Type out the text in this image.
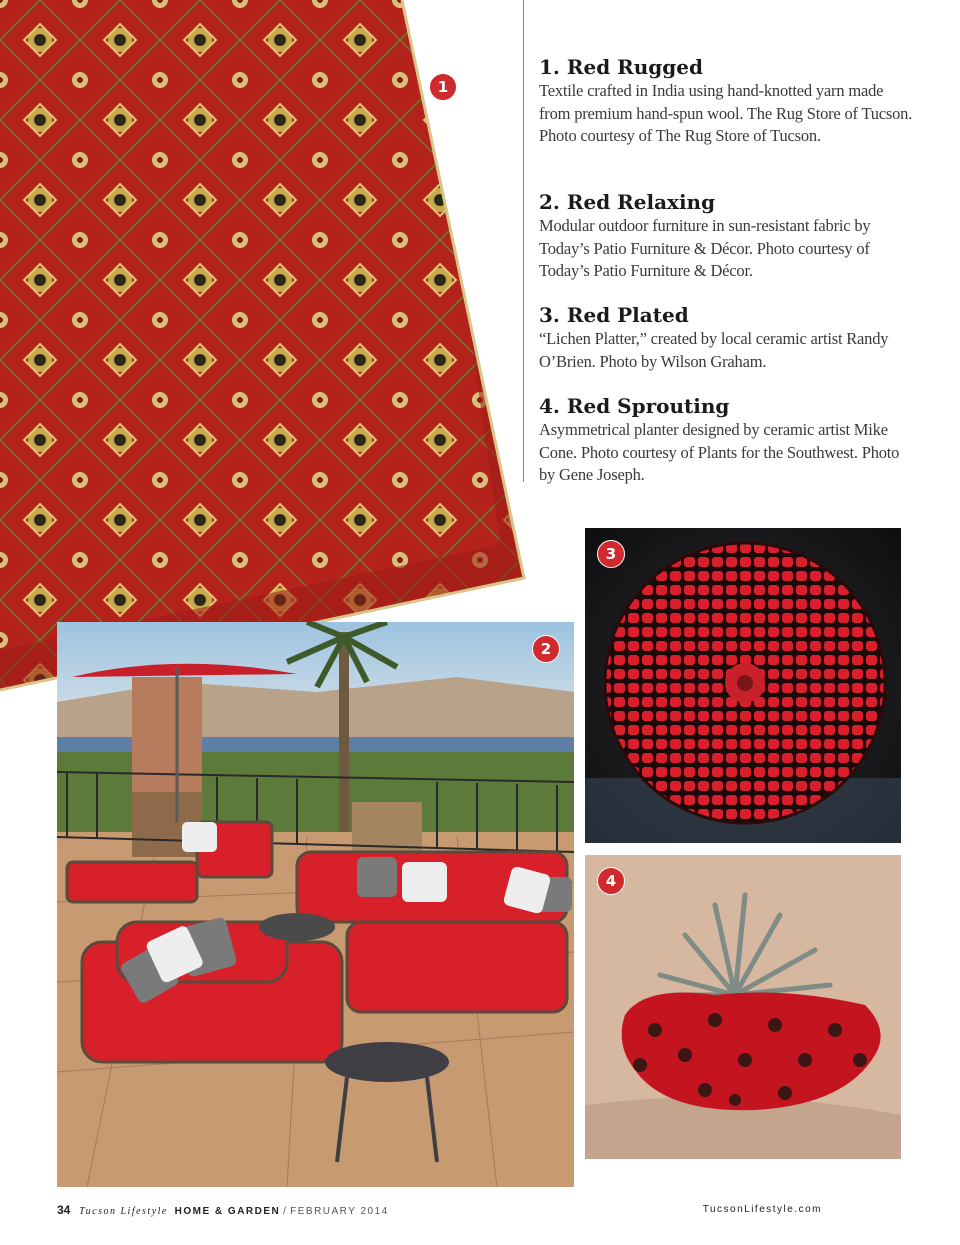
1
1. Red Rugged

Textile crafted in India using hand-knotted yarn made from premium hand-spun wool. The Rug Store of Tucson. Photo courtesy of The Rug Store of Tucson.

2. Red Relaxing

Modular outdoor furniture in sun-resistant fabric by Today’s Patio Furniture & Décor. Photo courtesy of Today’s Patio Furniture & Décor.

3. Red Plated

“Lichen Platter,” created by local ceramic artist Randy O’Brien. Photo by Wilson Graham.

4. Red Sprouting

Asymmetrical planter designed by ceramic artist Mike Cone. Photo courtesy of Plants for the Southwest. Photo by Gene Joseph.

2
3
4
34 Tucson Lifestyle HOME & GARDEN / FEBRUARY 2014	TucsonLifestyle.com
